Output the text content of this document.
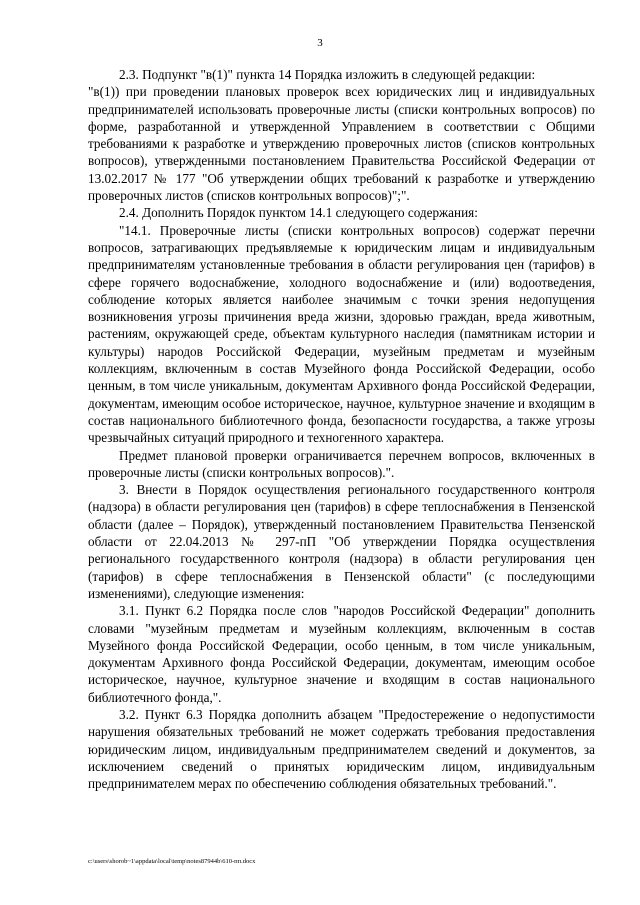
3

2.3. Подпункт "в(1)" пункта 14 Порядка изложить в следующей редакции:

"в(1)) при проведении плановых проверок всех юридических лиц и индивидуальных предпринимателей использовать проверочные листы (списки контрольных вопросов) по форме, разработанной и утвержденной Управлением в соответствии с Общими требованиями к разработке и утверждению проверочных листов (списков контрольных вопросов), утвержденными постановлением Правительства Российской Федерации от 13.02.2017 № 177 "Об утверждении общих требований к разработке и утверждению проверочных листов (списков контрольных вопросов)";".

2.4. Дополнить Порядок пунктом 14.1 следующего содержания:

"14.1. Проверочные листы (списки контрольных вопросов) содержат перечни вопросов, затрагивающих предъявляемые к юридическим лицам и индивидуальным предпринимателям установленные требования в области регулирования цен (тарифов) в сфере горячего водоснабжение, холодного водоснабжение и (или) водоотведения, соблюдение которых является наиболее значимым с точки зрения недопущения возникновения угрозы причинения вреда жизни, здоровью граждан, вреда животным, растениям, окружающей среде, объектам культурного наследия (памятникам истории и культуры) народов Российской Федерации, музейным предметам и музейным коллекциям, включенным в состав Музейного фонда Российской Федерации, особо ценным, в том числе уникальным, документам Архивного фонда Российской Федерации, документам, имеющим особое историческое, научное, культурное значение и входящим в состав национального библиотечного фонда, безопасности государства, а также угрозы чрезвычайных ситуаций природного и техногенного характера.

Предмет плановой проверки ограничивается перечнем вопросов, включенных в проверочные листы (списки контрольных вопросов).".

3. Внести в Порядок осуществления регионального государственного контроля (надзора) в области регулирования цен (тарифов) в сфере теплоснабжения в Пензенской области (далее – Порядок), утвержденный постановлением Правительства Пензенской области от 22.04.2013 № 297-пП "Об утверждении Порядка осуществления регионального государственного контроля (надзора) в области регулирования цен (тарифов) в сфере теплоснабжения в Пензенской области" (с последующими изменениями), следующие изменения:

3.1. Пункт 6.2 Порядка после слов "народов Российской Федерации" дополнить словами "музейным предметам и музейным коллекциям, включенным в состав Музейного фонда Российской Федерации, особо ценным, в том числе уникальным, документам Архивного фонда Российской Федерации, документам, имеющим особое историческое, научное, культурное значение и входящим в состав национального библиотечного фонда,".

3.2. Пункт 6.3 Порядка дополнить абзацем "Предостережение о недопустимости нарушения обязательных требований не может содержать требования предоставления юридическим лицом, индивидуальным предпринимателем сведений и документов, за исключением сведений о принятых юридическим лицом, индивидуальным предпринимателем мерах по обеспечению соблюдения обязательных требований.".

c:\users\shorob~1\appdata\local\temp\notes87944b\610-пп.docx
